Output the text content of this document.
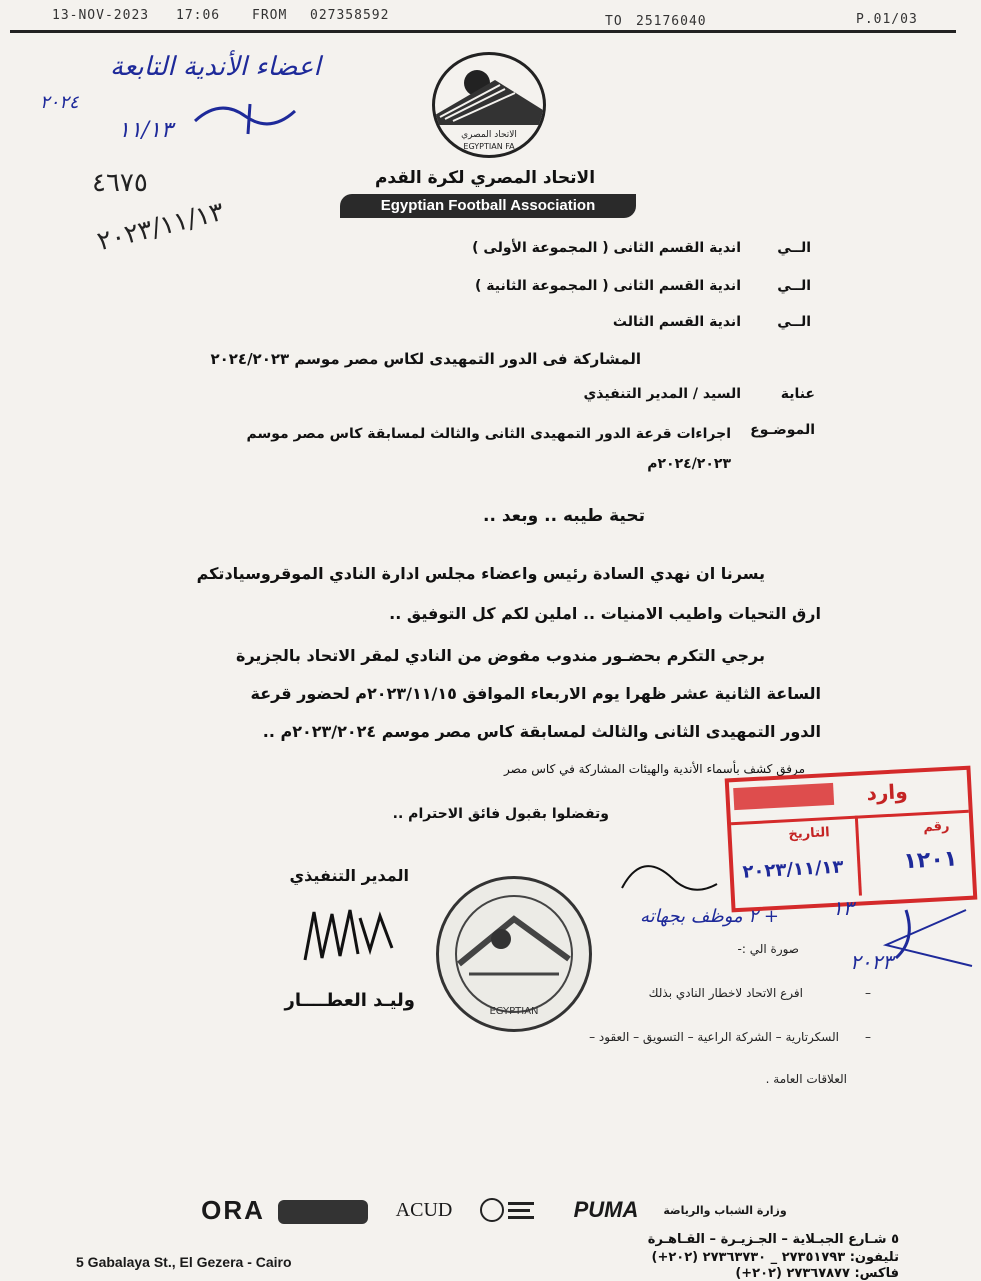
13-NOV-2023 17:06 FROM 027358592	TO 25176040	P.01/03
اعضاء الأندية التابعة
٢٠٢٤
١١/١٣
٤٦٧٥
٢٠٢٣/١١/١٣
الاتحاد المصري
EGYPTIAN FA
الاتحاد المصري لكرة القدم
Egyptian Football Association
الــي
اندية القسم الثانى ( المجموعة الأولى )
الــي
اندية القسم الثانى ( المجموعة الثانية )
الــي
اندية القسم الثالث
المشاركة فى الدور التمهيدى لكاس مصر موسم ٢٠٢٤/٢٠٢٣
عناية
السيد / المدير التنفيذي
الموضـوع
اجراءات قرعة الدور التمهيدى الثانى والثالث لمسابقة كاس مصر موسم
٢٠٢٤/٢٠٢٣م
تحية طيبه .. وبعد ..
يسرنا ان نهدي السادة رئيس واعضاء مجلس ادارة النادي الموقروسيادتكم
ارق التحيات واطيب الامنيات .. املين لكم كل التوفيق ..
برجي التكرم بحضـور مندوب مفوض من النادي لمقر الاتحاد بالجزيرة
الساعة الثانية عشر ظهرا يوم الاربعاء الموافق ٢٠٢٣/١١/١٥م لحضور قرعة
الدور التمهيدى الثانى والثالث لمسابقة كاس مصر موسم ٢٠٢٣/٢٠٢٤م ..
مرفق كشف بأسماء الأندية والهيئات المشاركة في كاس مصر
وتفضلوا بقبول فائق الاحترام ..
المدير التنفيذي
وليـد العطــــار
EGYPTIAN
وارد
رقم
التاريخ
١٢٠١
٢٠٢٣/١١/١٣
+ ٢ موظف بجهاته	١٣
٢٠٢٣
صورة الي :-
–
افرع الاتحاد لاخطار النادي بذلك
–
السكرتارية – الشركة الراعية – التسويق – العقود –
العلاقات العامة .
ORA	ACUD	PUMA	وزارة الشباب والرياضة
5 Gabalaya St., El Gezera - Cairo
٥ شـارع الجبـلاية – الجـزيـرة – القـاهـرة
تليفون: ٢٧٣٥١٧٩٣ _ ٢٧٣٦٣٧٣٠ (٢٠٢+)
فاكس: ٢٧٣٦٧٨٧٧ (٢٠٢+)
